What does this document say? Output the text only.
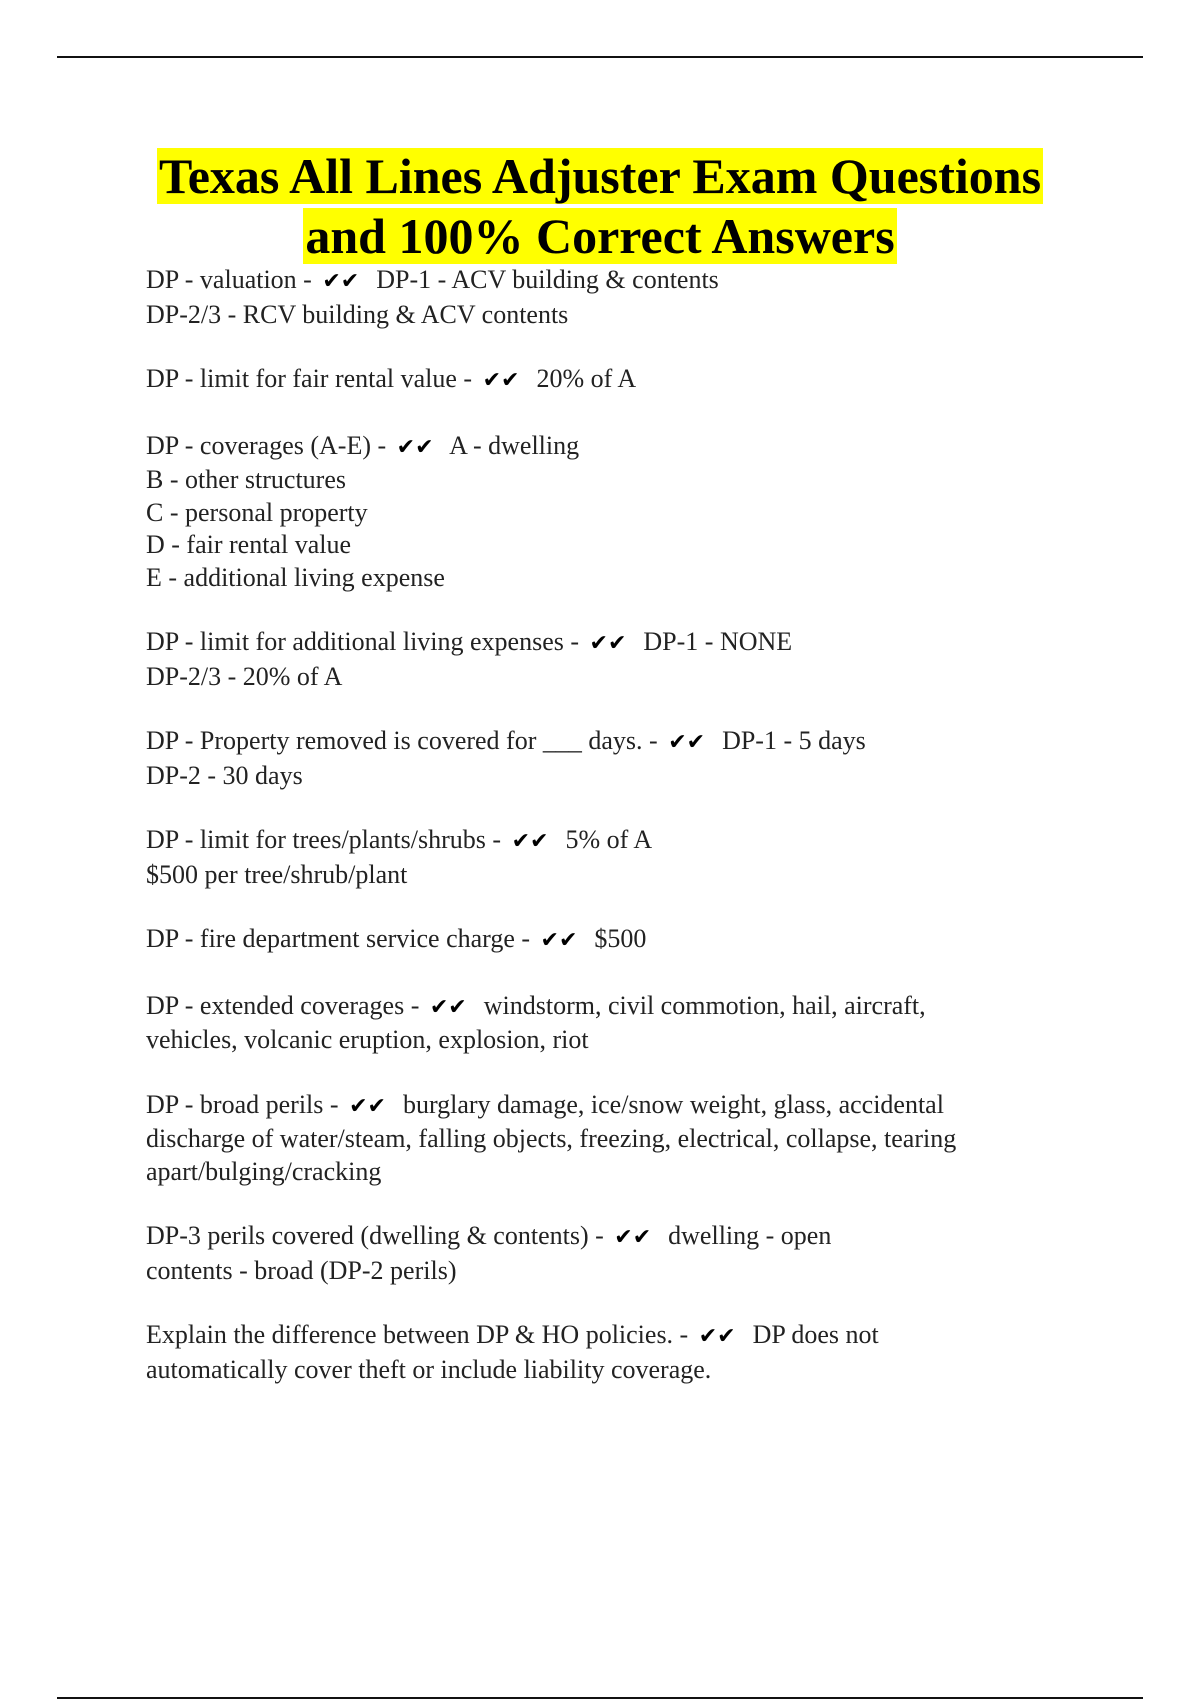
Texas All Lines Adjuster Exam Questions
and 100% Correct Answers
DP - valuation - ✔✔ DP-1 - ACV building & contents
DP-2/3 - RCV building & ACV contents
DP - limit for fair rental value - ✔✔ 20% of A
DP - coverages (A-E) - ✔✔ A - dwelling
B - other structures
C - personal property
D - fair rental value
E - additional living expense
DP - limit for additional living expenses - ✔✔ DP-1 - NONE
DP-2/3 - 20% of A
DP - Property removed is covered for ___ days. - ✔✔ DP-1 - 5 days
DP-2 - 30 days
DP - limit for trees/plants/shrubs - ✔✔ 5% of A
$500 per tree/shrub/plant
DP - fire department service charge - ✔✔ $500
DP - extended coverages - ✔✔ windstorm, civil commotion, hail, aircraft,
vehicles, volcanic eruption, explosion, riot
DP - broad perils - ✔✔ burglary damage, ice/snow weight, glass, accidental
discharge of water/steam, falling objects, freezing, electrical, collapse, tearing
apart/bulging/cracking
DP-3 perils covered (dwelling & contents) - ✔✔ dwelling - open
contents - broad (DP-2 perils)
Explain the difference between DP & HO policies. - ✔✔ DP does not
automatically cover theft or include liability coverage.
